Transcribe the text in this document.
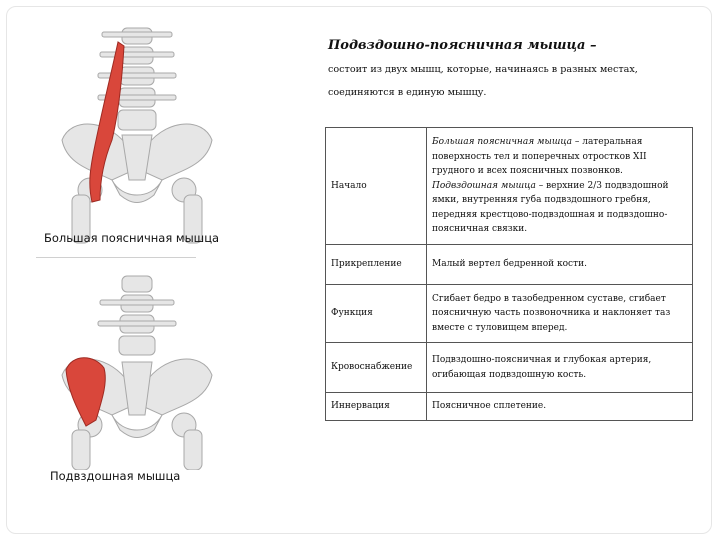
Подвздошно-поясничная мышца –
состоит из двух мышц, которые, начинаясь в разных местах, соединяются в единую мышцу.
Большая поясничная мышца
Подвздошная мышца
Начало	Большая поясничная мышца – латеральная поверхность тел и поперечных отростков XII грудного и всех поясничных позвонков.
Подвздошная мышца – верхние 2/3 подвздошной ямки, внутренняя губа подвздошного гребня, передняя крестцово-подвздошная и подвздошно-поясничная связки.
Прикрепление	Малый вертел бедренной кости.
Функция	Сгибает бедро в тазобедренном суставе, сгибает поясничную часть позвоночника и наклоняет таз вместе с туловищем вперед.
Кровоснабжение	Подвздошно-поясничная и глубокая артерия, огибающая подвздошную кость.
Иннервация	Поясничное сплетение.
